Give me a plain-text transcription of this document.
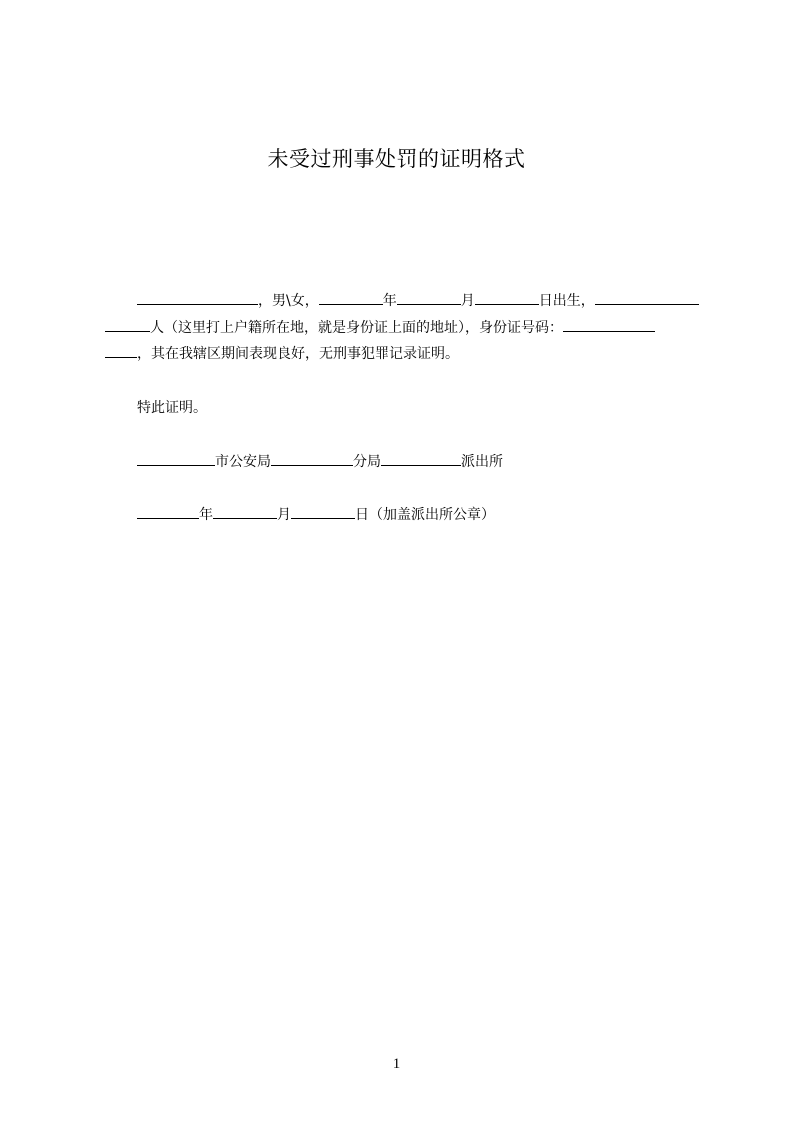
未受过刑事处罚的证明格式
，男\女，	年	月	日出生，
人（这里打上户籍所在地，就是身份证上面的地址），身份证号码：
，其在我辖区期间表现良好，无刑事犯罪记录证明。
特此证明。
市公安局	分局	派出所
年	月	日（加盖派出所公章）
1
